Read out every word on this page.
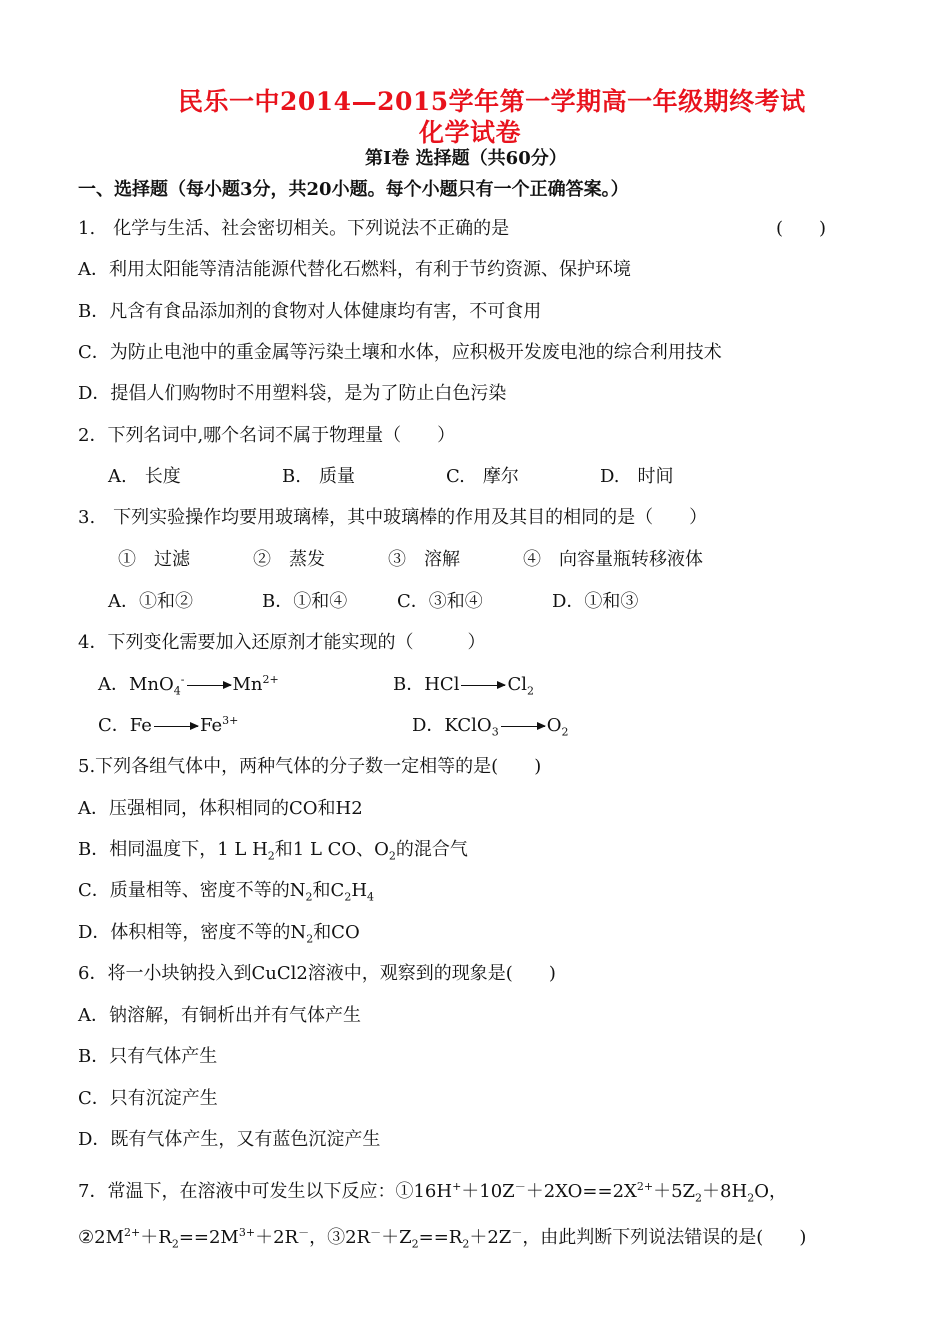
民乐一中2014—2015学年第一学期高一年级期终考试
化学试卷
第Ⅰ卷 选择题（共60分）
一、选择题（每小题3分，共20小题。每个小题只有一个正确答案。）
1.　化学与生活、社会密切相关。下列说法不正确的是	(　　)
A．利用太阳能等清洁能源代替化石燃料，有利于节约资源、保护环境
B．凡含有食品添加剂的食物对人体健康均有害，不可食用
C．为防止电池中的重金属等污染土壤和水体，应积极开发废电池的综合利用技术
D．提倡人们购物时不用塑料袋，是为了防止白色污染
2．下列名词中,哪个名词不属于物理量（　　）
A.　长度	B.　质量	C.　摩尔	D.　时间
3.　下列实验操作均要用玻璃棒，其中玻璃棒的作用及其目的相同的是（　　）
①　过滤	②　蒸发	③　溶解	④　向容量瓶转移液体
A．①和②	B．①和④	C．③和④	D．①和③
4．下列变化需要加入还原剂才能实现的（　　　）
A．$MnO_4^- \to Mn^{2+}$	B．HCl → $Cl_2$
C．$Fe \to Fe^{3+}$	D．KClO$_3$ → $O_2$
5.下列各组气体中，两种气体的分子数一定相等的是(　　)
A．压强相同，体积相同的CO和H2
B．相同温度下，1 L $H_2$和1 L CO、$O_2$的混合气
C．质量相等、密度不等的$N_2$和$C_2H_4$
D．体积相等，密度不等的$N_2$和CO
6．将一小块钠投入到CuCl2溶液中，观察到的现象是(　　)
A．钠溶解，有铜析出并有气体产生
B．只有气体产生
C．只有沉淀产生
D．既有气体产生，又有蓝色沉淀产生
7．常温下，在溶液中可发生以下反应：$①16H^++10Z^-+2XO==2X^{2+}+5Z_2+8H_2O$，
$②2M^{2+}+R_2==2M^{3+}+2R^-$，$③2R^-+Z_2==R_2+2Z^-$，由此判断下列说法错误的是(　　)
